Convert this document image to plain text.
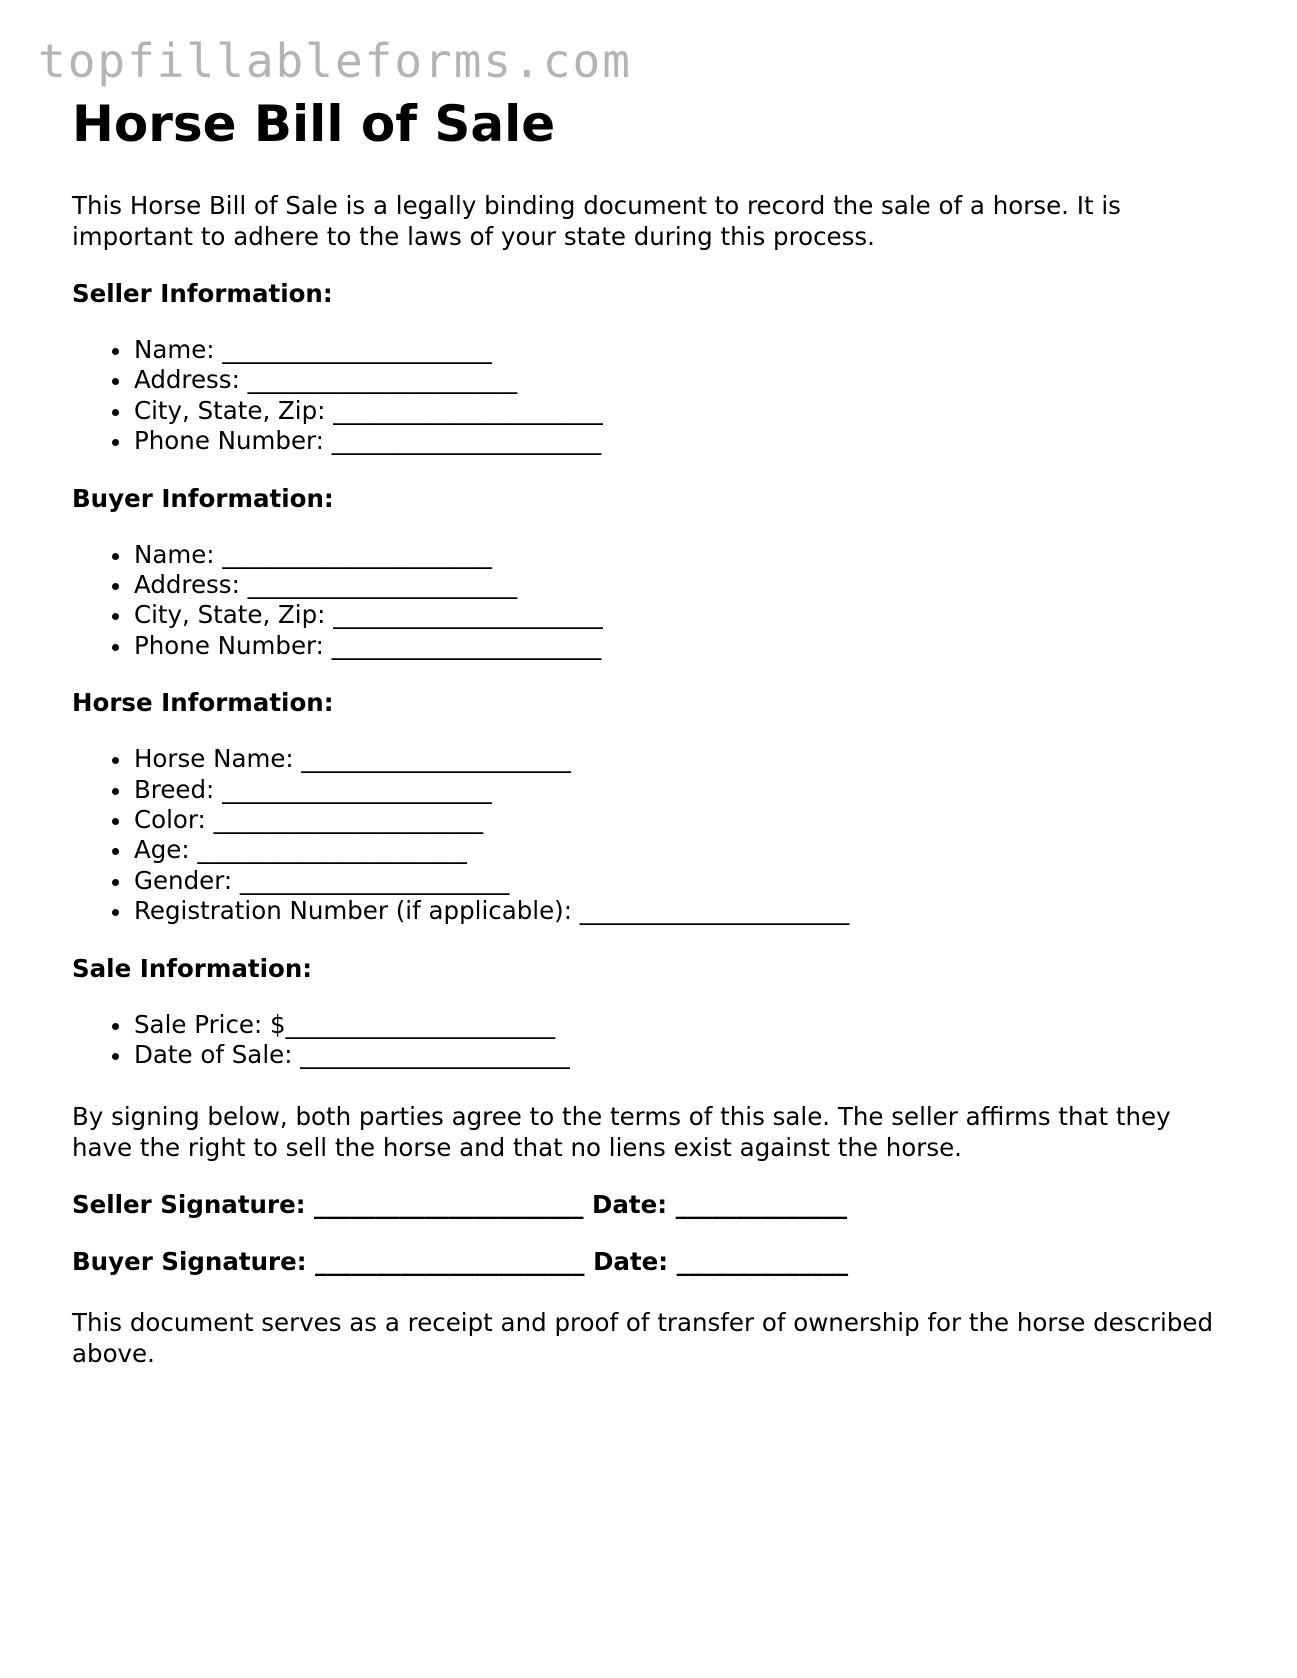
topfillableforms.com
Horse Bill of Sale

This Horse Bill of Sale is a legally binding document to record the sale of a horse. It is important to adhere to the laws of your state during this process.

Seller Information:
Name: ______________________
Address: ______________________
City, State, Zip: ______________________
Phone Number: ______________________
Buyer Information:
Name: ______________________
Address: ______________________
City, State, Zip: ______________________
Phone Number: ______________________
Horse Information:
Horse Name: ______________________
Breed: ______________________
Color: ______________________
Age: ______________________
Gender: ______________________
Registration Number (if applicable): ______________________
Sale Information:
Sale Price: $______________________
Date of Sale: ______________________

By signing below, both parties agree to the terms of this sale. The seller affirms that they have the right to sell the horse and that no liens exist against the horse.

Seller Signature: ______________________ Date: ______________
Buyer Signature: ______________________ Date: ______________

This document serves as a receipt and proof of transfer of ownership for the horse described above.
